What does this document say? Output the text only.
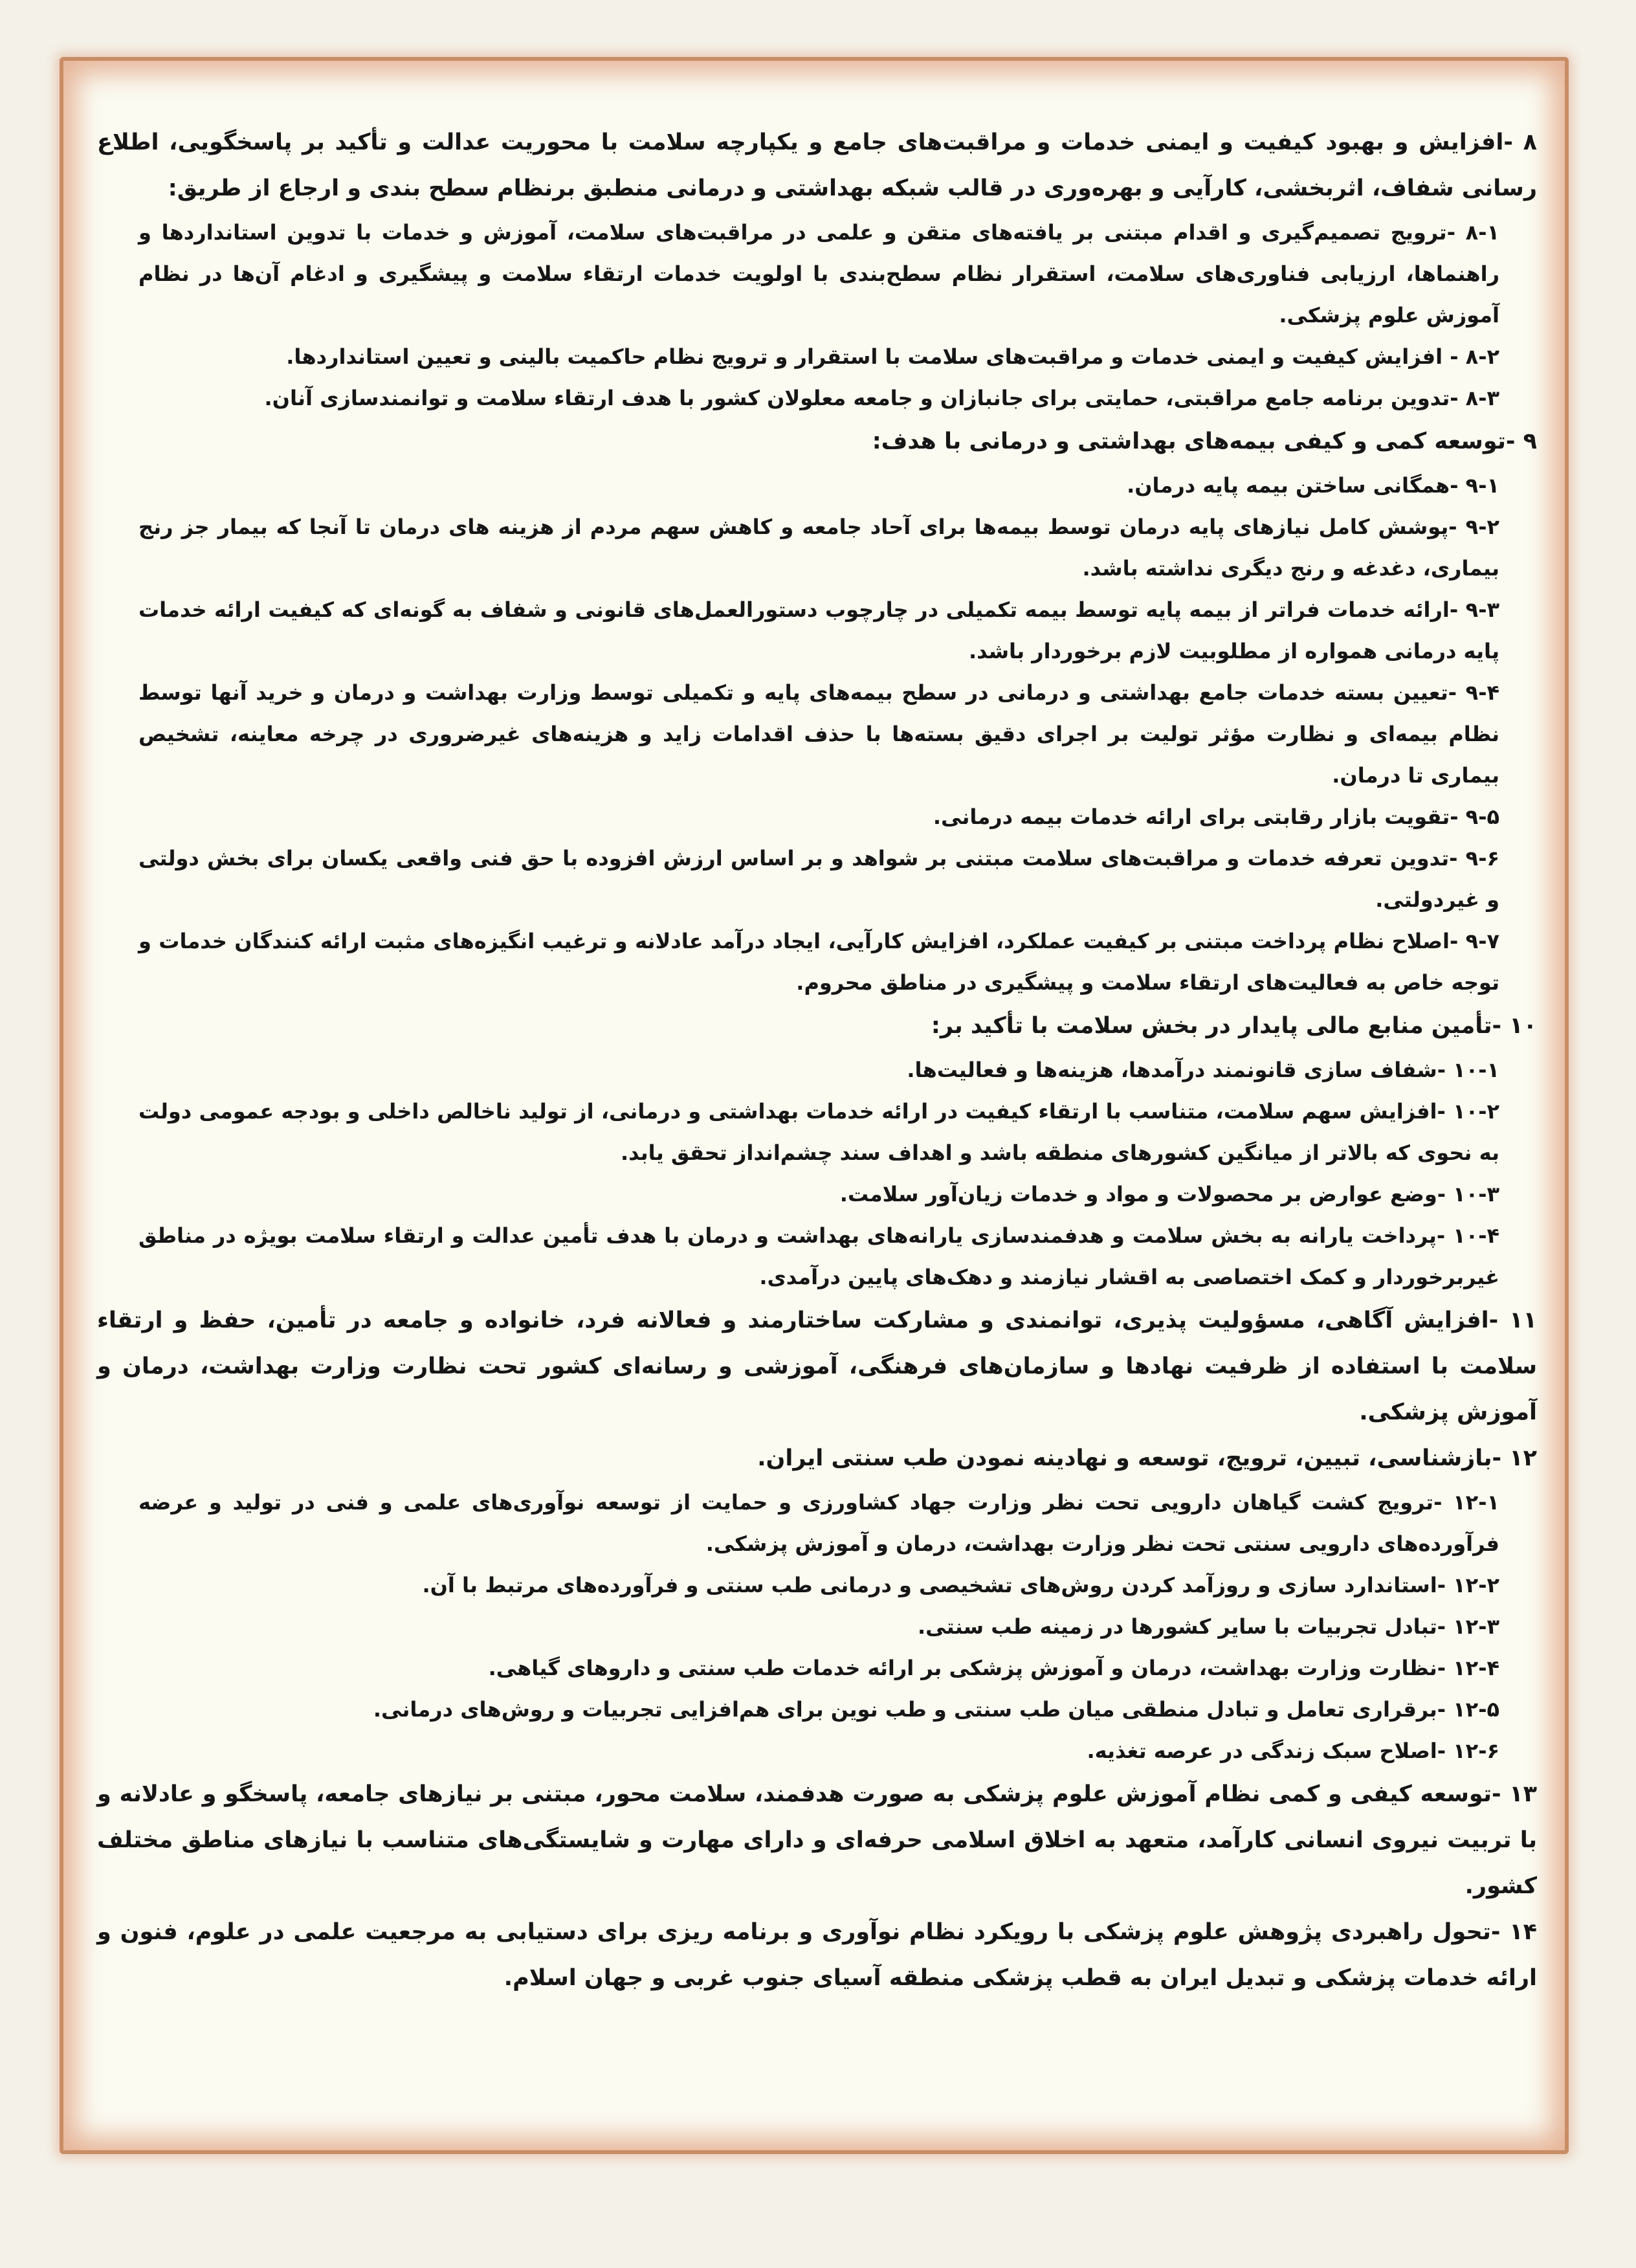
۸ -افزایش و بهبود کیفیت و ایمنی خدمات و مراقبت‌های جامع و یکپارچه سلامت با محوریت عدالت و تأکید بر پاسخگویی، اطلاع رسانی شفاف، اثربخشی، کارآیی و بهره‌وری در قالب شبکه بهداشتی و درمانی منطبق برنظام سطح بندی و ارجاع از طریق:

۸-۱ -ترویج تصمیم‌گیری و اقدام مبتنی بر یافته‌های متقن و علمی در مراقبت‌های سلامت، آموزش و خدمات با تدوین استانداردها و راهنماها، ارزیابی فناوری‌های سلامت، استقرار نظام سطح‌بندی با اولویت خدمات ارتقاء سلامت و پیشگیری و ادغام آن‌ها در نظام آموزش علوم پزشکی.

۸-۲ - افزایش کیفیت و ایمنی خدمات و مراقبت‌های سلامت با استقرار و ترویج نظام حاکمیت بالینی و تعیین استانداردها.

۸-۳ -تدوین برنامه جامع مراقبتی، حمایتی برای جانبازان و جامعه معلولان کشور با هدف ارتقاء سلامت و توانمندسازی آنان.

۹ -توسعه کمی و کیفی بیمه‌های بهداشتی و درمانی با هدف:

۹-۱ -همگانی ساختن بیمه پایه درمان.

۹-۲ -پوشش کامل نیازهای پایه درمان توسط بیمه‌ها برای آحاد جامعه و کاهش سهم مردم از هزینه های درمان تا آنجا که بیمار جز رنج بیماری، دغدغه و رنج دیگری نداشته باشد.

۹-۳ -ارائه خدمات فراتر از بیمه پایه توسط بیمه تکمیلی در چارچوب دستورالعمل‌های قانونی و شفاف به گونه‌ای که کیفیت ارائه خدمات پایه درمانی همواره از مطلوبیت لازم برخوردار باشد.

۹-۴ -تعیین بسته خدمات جامع بهداشتی و درمانی در سطح بیمه‌های پایه و تکمیلی توسط وزارت بهداشت و درمان و خرید آنها توسط نظام بیمه‌ای و نظارت مؤثر تولیت بر اجرای دقیق بسته‌ها با حذف اقدامات زاید و هزینه‌های غیرضروری در چرخه معاینه، تشخیص بیماری تا درمان.

۹-۵ -تقویت بازار رقابتی برای ارائه خدمات بیمه درمانی.

۹-۶ -تدوین تعرفه خدمات و مراقبت‌های سلامت مبتنی بر شواهد و بر اساس ارزش افزوده با حق فنی واقعی یکسان برای بخش دولتی و غیردولتی.

۹-۷ -اصلاح نظام پرداخت مبتنی بر کیفیت عملکرد، افزایش کارآیی، ایجاد درآمد عادلانه و ترغیب انگیزه‌های مثبت ارائه کنندگان خدمات و توجه خاص به فعالیت‌های ارتقاء سلامت و پیشگیری در مناطق محروم.

۱۰ -تأمین منابع مالی پایدار در بخش سلامت با تأکید بر:

۱۰-۱ -شفاف سازی قانونمند درآمدها، هزینه‌ها و فعالیت‌ها.

۱۰-۲ -افزایش سهم سلامت، متناسب با ارتقاء کیفیت در ارائه خدمات بهداشتی و درمانی، از تولید ناخالص داخلی و بودجه عمومی دولت به نحوی که بالاتر از میانگین کشورهای منطقه باشد و اهداف سند چشم‌انداز تحقق یابد.

۱۰-۳ -وضع عوارض بر محصولات و مواد و خدمات زیان‌آور سلامت.

۱۰-۴ -پرداخت یارانه به بخش سلامت و هدفمندسازی یارانه‌های بهداشت و درمان با هدف تأمین عدالت و ارتقاء سلامت بویژه در مناطق غیربرخوردار و کمک اختصاصی به اقشار نیازمند و دهک‌های پایین درآمدی.

۱۱ -افزایش آگاهی، مسؤولیت پذیری، توانمندی و مشارکت ساختارمند و فعالانه فرد، خانواده و جامعه در تأمین، حفظ و ارتقاء سلامت با استفاده از ظرفیت نهادها و سازمان‌های فرهنگی، آموزشی و رسانه‌ای کشور تحت نظارت وزارت بهداشت، درمان و آموزش پزشکی.

۱۲ -بازشناسی، تبیین، ترویج، توسعه و نهادینه نمودن طب سنتی ایران.

۱۲-۱ -ترویج کشت گیاهان دارویی تحت نظر وزارت جهاد کشاورزی و حمایت از توسعه نوآوری‌های علمی و فنی در تولید و عرضه فرآورده‌های دارویی سنتی تحت نظر وزارت بهداشت، درمان و آموزش پزشکی.

۱۲-۲ -استاندارد سازی و روزآمد کردن روش‌های تشخیصی و درمانی طب سنتی و فرآورده‌های مرتبط با آن.

۱۲-۳ -تبادل تجربیات با سایر کشورها در زمینه طب سنتی.

۱۲-۴ -نظارت وزارت بهداشت، درمان و آموزش پزشکی بر ارائه خدمات طب سنتی و داروهای گیاهی.

۱۲-۵ -برقراری تعامل و تبادل منطقی میان طب سنتی و طب نوین برای هم‌افزایی تجربیات و روش‌های درمانی.

۱۲-۶ -اصلاح سبک زندگی در عرصه تغذیه.

۱۳ -توسعه کیفی و کمی نظام آموزش علوم پزشکی به صورت هدفمند، سلامت محور، مبتنی بر نیازهای جامعه، پاسخگو و عادلانه و با تربیت نیروی انسانی کارآمد، متعهد به اخلاق اسلامی حرفه‌ای و دارای مهارت و شایستگی‌های متناسب با نیازهای مناطق مختلف کشور.

۱۴ -تحول راهبردی پژوهش علوم پزشکی با رویکرد نظام نوآوری و برنامه ریزی برای دستیابی به مرجعیت علمی در علوم، فنون و ارائه خدمات پزشکی و تبدیل ایران به قطب پزشکی منطقه آسیای جنوب غربی و جهان اسلام.
